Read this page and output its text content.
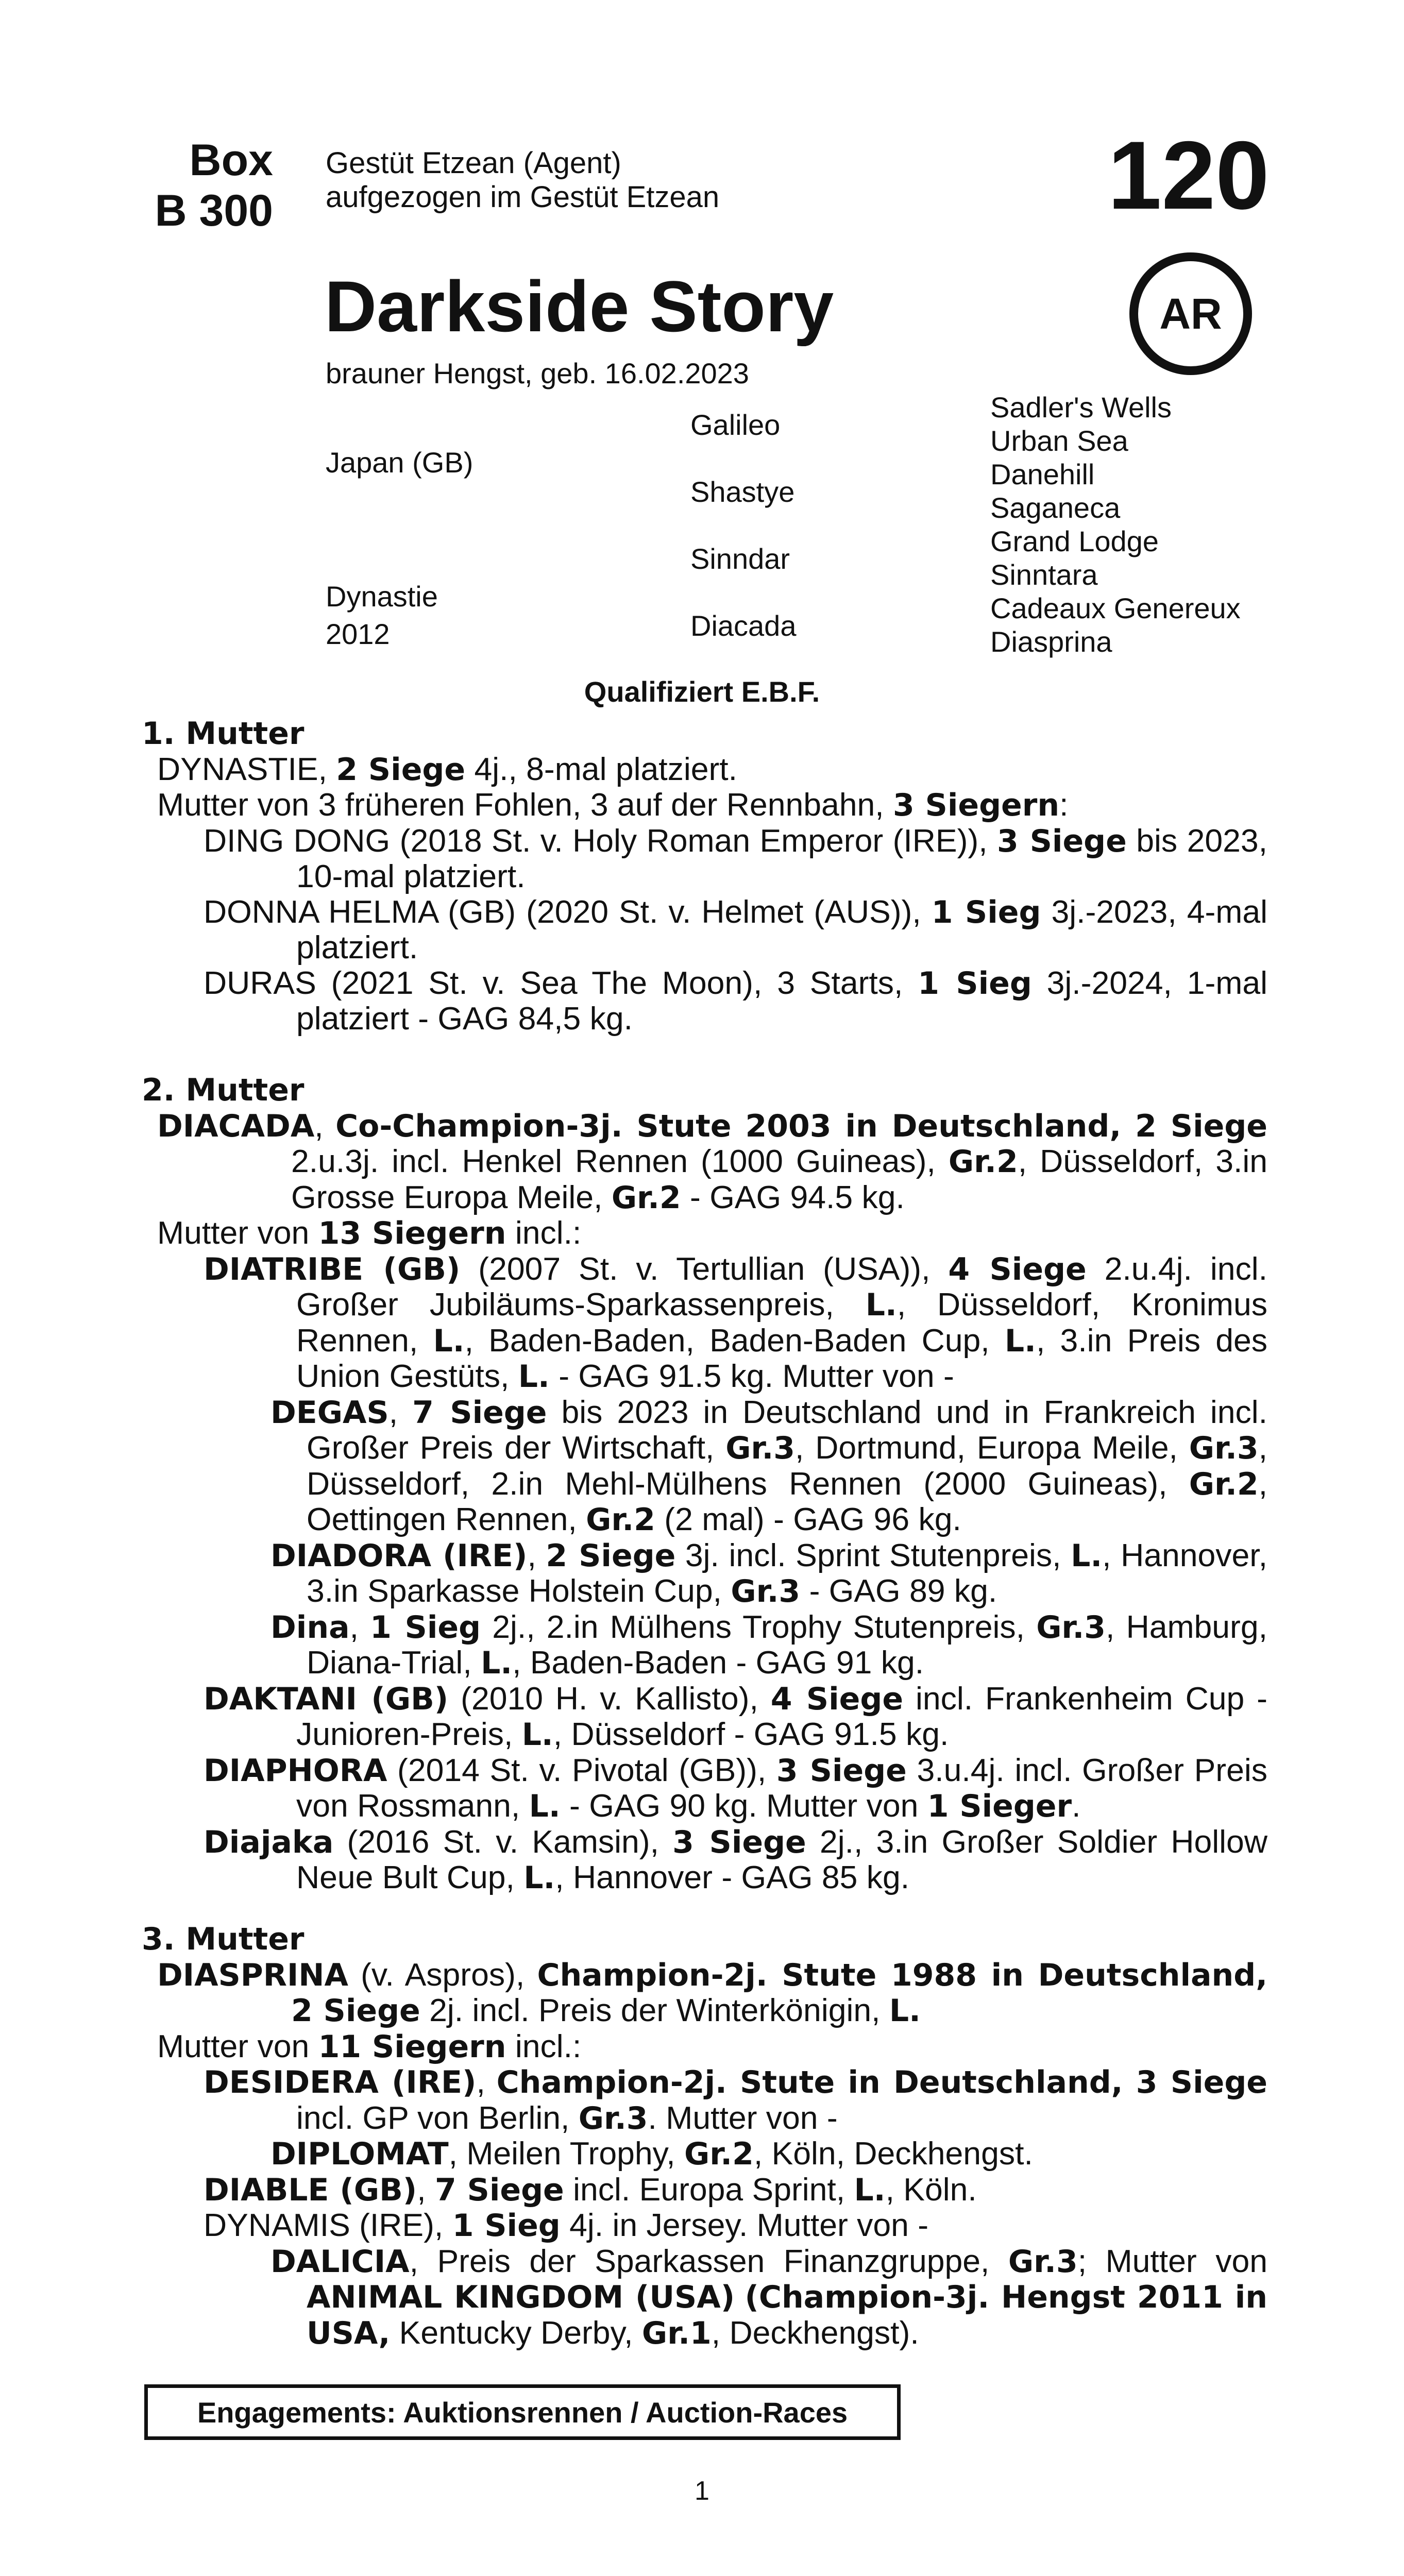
Box
B 300
Gestüt Etzean (Agent)
aufgezogen im Gestüt Etzean	120
AR
Darkside Story
brauner Hengst, geb. 16.02.2023
Japan (GB)
Dynastie
2012
Galileo
Shastye
Sinndar
Diacada
Sadler's Wells
Urban Sea
Danehill
Saganeca
Grand Lodge
Sinntara
Cadeaux Genereux
Diasprina
Qualifiziert E.B.F.
1. Mutter
DYNASTIE, 2 Siege 4j., 8-mal platziert.
Mutter von 3 früheren Fohlen, 3 auf der Rennbahn, 3 Siegern:
DING DONG (2018 St. v. Holy Roman Emperor (IRE)), 3 Siege bis 2023, 10-mal platziert.
DONNA HELMA (GB) (2020 St. v. Helmet (AUS)), 1 Sieg 3j.-2023, 4-mal platziert.
DURAS (2021 St. v. Sea The Moon), 3 Starts, 1 Sieg 3j.-2024, 1-mal platziert - GAG 84,5 kg.
2. Mutter
DIACADA, Co-Champion-3j. Stute 2003 in Deutschland, 2 Siege 2.u.3j. incl. Henkel Rennen (1000 Guineas), Gr.2, Düsseldorf, 3.in Grosse Europa Meile, Gr.2 - GAG 94.5 kg.
Mutter von 13 Siegern incl.:
DIATRIBE (GB) (2007 St. v. Tertullian (USA)), 4 Siege 2.u.4j. incl. Großer Jubiläums-Sparkassenpreis, L., Düsseldorf, Kronimus Rennen, L., Baden-Baden, Baden-Baden Cup, L., 3.in Preis des Union Gestüts, L. - GAG 91.5 kg. Mutter von -
DEGAS, 7 Siege bis 2023 in Deutschland und in Frankreich incl. Großer Preis der Wirtschaft, Gr.3, Dortmund, Europa Meile, Gr.3, Düsseldorf, 2.in Mehl-Mülhens Rennen (2000 Guineas), Gr.2, Oettingen Rennen, Gr.2 (2 mal) - GAG 96 kg.
DIADORA (IRE), 2 Siege 3j. incl. Sprint Stutenpreis, L., Hannover, 3.in Sparkasse Holstein Cup, Gr.3 - GAG 89 kg.
Dina, 1 Sieg 2j., 2.in Mülhens Trophy Stutenpreis, Gr.3, Hamburg, Diana-Trial, L., Baden-Baden - GAG 91 kg.
DAKTANI (GB) (2010 H. v. Kallisto), 4 Siege incl. Frankenheim Cup - Junioren-Preis, L., Düsseldorf - GAG 91.5 kg.
DIAPHORA (2014 St. v. Pivotal (GB)), 3 Siege 3.u.4j. incl. Großer Preis von Rossmann, L. - GAG 90 kg. Mutter von 1 Sieger.
Diajaka (2016 St. v. Kamsin), 3 Siege 2j., 3.in Großer Soldier Hollow Neue Bult Cup, L., Hannover - GAG 85 kg.
3. Mutter
DIASPRINA (v. Aspros), Champion-2j. Stute 1988 in Deutschland, 2 Siege 2j. incl. Preis der Winterkönigin, L.
Mutter von 11 Siegern incl.:
DESIDERA (IRE), Champion-2j. Stute in Deutschland, 3 Siege incl. GP von Berlin, Gr.3. Mutter von -
DIPLOMAT, Meilen Trophy, Gr.2, Köln, Deckhengst.
DIABLE (GB), 7 Siege incl. Europa Sprint, L., Köln.
DYNAMIS (IRE), 1 Sieg 4j. in Jersey. Mutter von -
DALICIA, Preis der Sparkassen Finanzgruppe, Gr.3; Mutter von ANIMAL KINGDOM (USA) (Champion-3j. Hengst 2011 in USA, Kentucky Derby, Gr.1, Deckhengst).
Engagements: Auktionsrennen / Auction-Races
1
